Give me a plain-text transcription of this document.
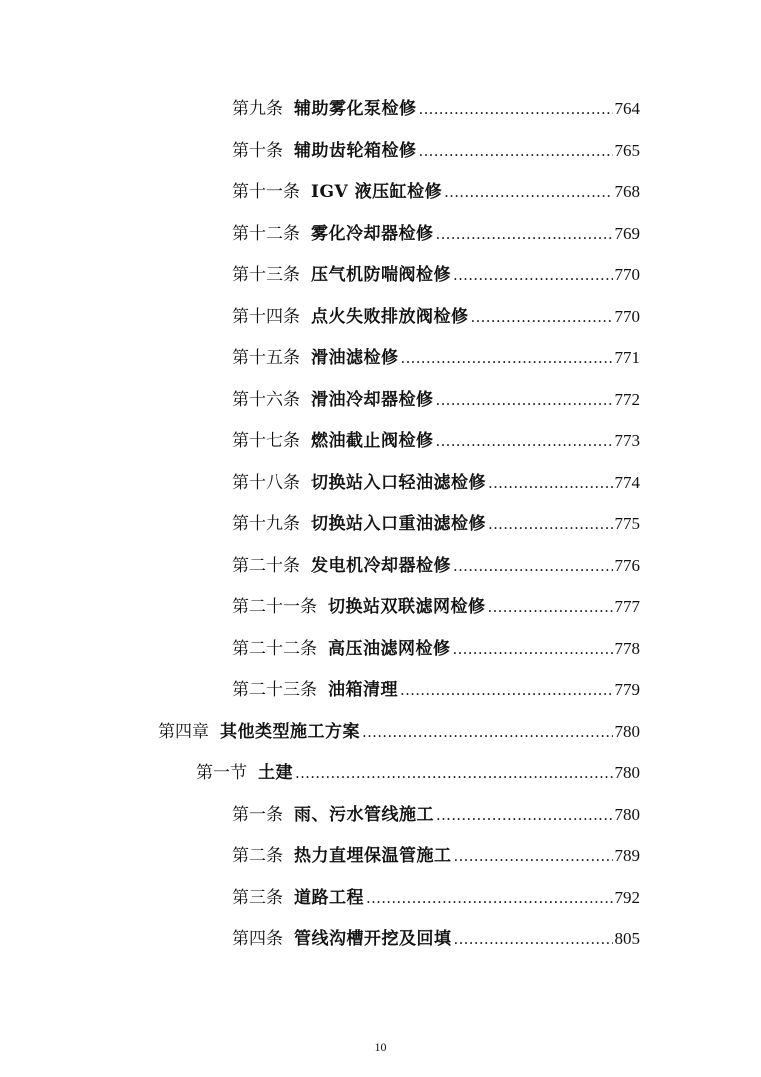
第九条 辅助雾化泵检修 .....	764
第十条 辅助齿轮箱检修 .....	765
第十一条 IGV 液压缸检修 .....	768
第十二条 雾化冷却器检修 .....	769
第十三条 压气机防喘阀检修 .....	770
第十四条 点火失败排放阀检修 .....	770
第十五条 滑油滤检修 .....	771
第十六条 滑油冷却器检修 .....	772
第十七条 燃油截止阀检修 .....	773
第十八条 切换站入口轻油滤检修 .....	774
第十九条 切换站入口重油滤检修 .....	775
第二十条 发电机冷却器检修 .....	776
第二十一条 切换站双联滤网检修 .....	777
第二十二条 高压油滤网检修 .....	778
第二十三条 油箱清理 .....	779
第四章 其他类型施工方案 .....	780
第一节 土建 .....	780
第一条 雨、污水管线施工 .....	780
第二条 热力直埋保温管施工 .....	789
第三条 道路工程 .....	792
第四条 管线沟槽开挖及回填 .....	805
10
